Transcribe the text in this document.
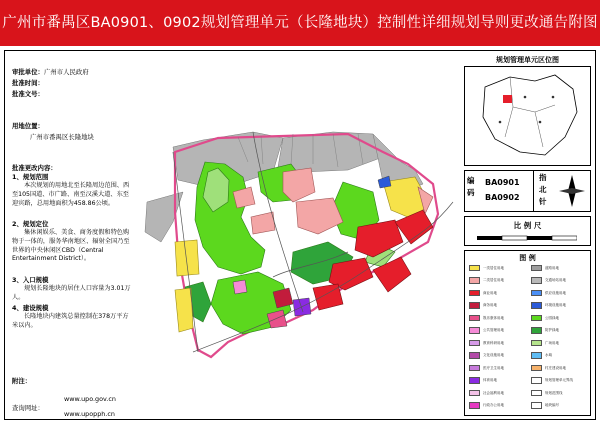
广州市番禺区BA0901、0902规划管理单元（长隆地块）控制性详细规划导则更改通告附图
审批单位：广州市人民政府
批准时间：
批准文号：
用地位置：
广州市番禺区长隆地块
批准更改内容：
1、规划范围
本次规划的用地北至长隆周边范围、西至105国道、市广路、南至汉溪大道、东至迎宾路，总用地面积为458.86公顷。
2、规划定位
集休闲娱乐、美食、商务度假和特色购物于一体的，服务华南地区、辐射全国乃至世界的中央休闲区CBD（Central Entertainment District）。
3、入口规模
规划长隆地块的居住人口容量为3.01万人。
4、建设规模
长隆地块内建筑总量控制在378万平方米以内。
附注：
www.upo.gov.cn
查询网址：
www.upopph.cn
规划管理单元区位图
编
码
BA0901
BA0902
指
北
针
比 例 尺
图 例
一类居住用地
二类居住用地
商业用地
商务用地
娱乐康体用地
公共管理用地
教育科研用地
文化设施用地
医疗卫生用地
体育用地
社会福利用地
行政办公用地
道路用地
交通场站用地
供应设施用地
环境设施用地
公园绿地
防护绿地
广场用地
水域
村庄建设用地
规划管理单元界线
规划范围线
地块编号
